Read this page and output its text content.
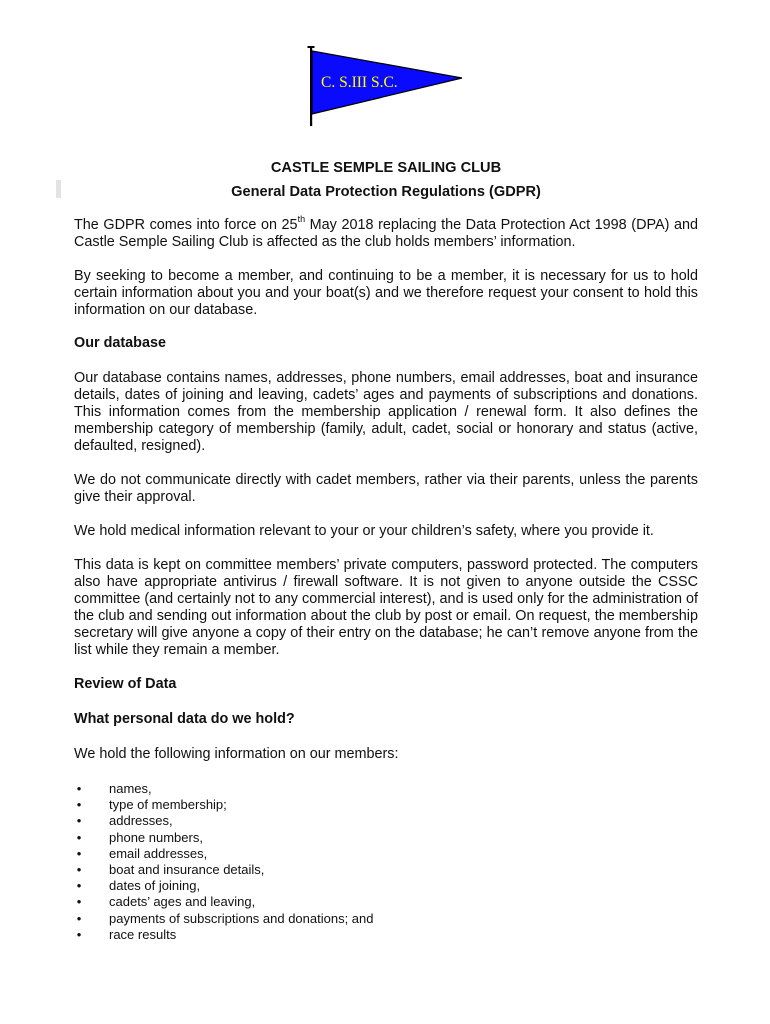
C. S.III S.C.

CASTLE SEMPLE SAILING CLUB

General Data Protection Regulations (GDPR)

The GDPR comes into force on 25th May 2018 replacing the Data Protection Act 1998 (DPA) and Castle Semple Sailing Club is affected as the club holds members’ information.

By seeking to become a member, and continuing to be a member, it is necessary for us to hold certain information about you and your boat(s) and we therefore request your consent to hold this information on our database.

Our database

Our database contains names, addresses, phone numbers, email addresses, boat and insurance details, dates of joining and leaving, cadets’ ages and payments of subscriptions and donations. This information comes from the membership application / renewal form. It also defines the membership category of membership (family, adult, cadet, social or honorary and status (active, defaulted, resigned).

We do not communicate directly with cadet members, rather via their parents, unless the parents give their approval.

We hold medical information relevant to your or your children’s safety, where you provide it.

This data is kept on committee members’ private computers, password protected. The computers also have appropriate antivirus / firewall software. It is not given to anyone outside the CSSC committee (and certainly not to any commercial interest), and is used only for the administration of the club and sending out information about the club by post or email. On request, the membership secretary will give anyone a copy of their entry on the database; he can’t remove anyone from the list while they remain a member.

Review of Data

What personal data do we hold?

We hold the following information on our members:

• names,
• type of membership;
• addresses,
• phone numbers,
• email addresses,
• boat and insurance details,
• dates of joining,
• cadets’ ages and leaving,
• payments of subscriptions and donations; and
• race results
